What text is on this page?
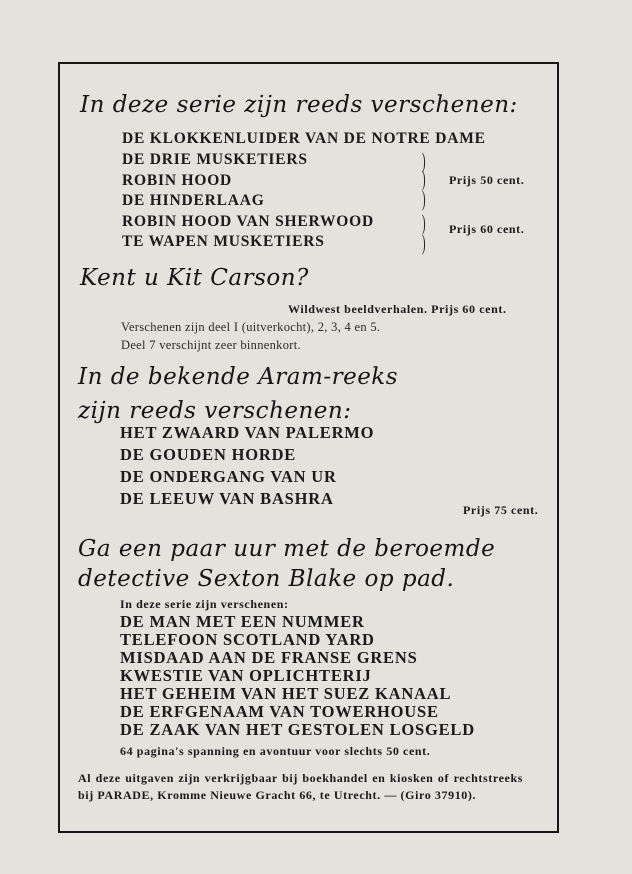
In deze serie zijn reeds verschenen:
DE KLOKKENLUIDER VAN DE NOTRE DAME
DE DRIE MUSKETIERS
ROBIN HOOD
DE HINDERLAAG
ROBIN HOOD VAN SHERWOOD
TE WAPEN MUSKETIERS
)
)
)
)
)
Prijs 50 cent.
Prijs 60 cent.
Kent u Kit Carson?
Wildwest beeldverhalen. Prijs 60 cent.
Verschenen zijn deel I (uitverkocht), 2, 3, 4 en 5.
Deel 7 verschijnt zeer binnenkort.
In de bekende Aram-reeks
zijn reeds verschenen:
HET ZWAARD VAN PALERMO
DE GOUDEN HORDE
DE ONDERGANG VAN UR
DE LEEUW VAN BASHRA
Prijs 75 cent.
Ga een paar uur met de beroemde
detective Sexton Blake op pad.
In deze serie zijn verschenen:
DE MAN MET EEN NUMMER
TELEFOON SCOTLAND YARD
MISDAAD AAN DE FRANSE GRENS
KWESTIE VAN OPLICHTERIJ
HET GEHEIM VAN HET SUEZ KANAAL
DE ERFGENAAM VAN TOWERHOUSE
DE ZAAK VAN HET GESTOLEN LOSGELD
64 pagina's spanning en avontuur voor slechts 50 cent.
Al deze uitgaven zijn verkrijgbaar bij boekhandel en kiosken of rechtstreeks bij PARADE, Kromme Nieuwe Gracht 66, te Utrecht. — (Giro 37910).
